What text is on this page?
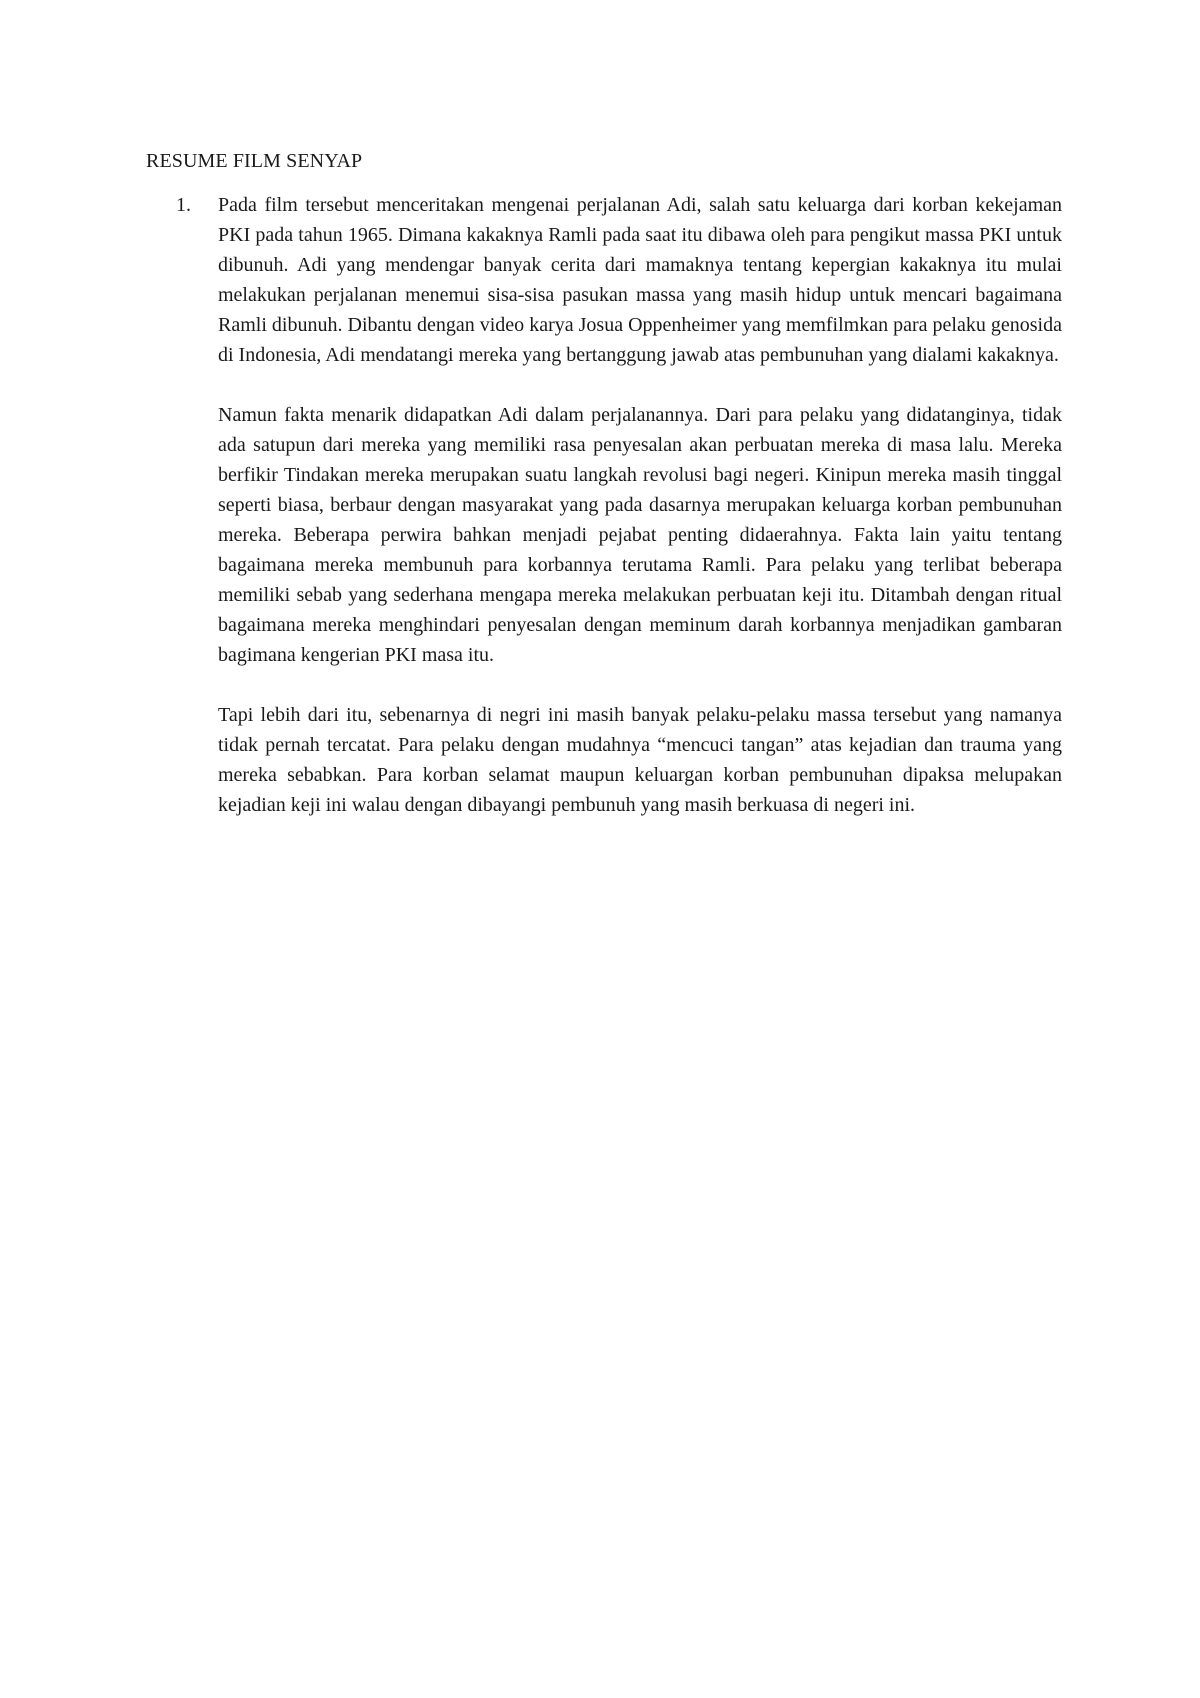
RESUME FILM SENYAP
1. Pada film tersebut menceritakan mengenai perjalanan Adi, salah satu keluarga dari korban kekejaman PKI pada tahun 1965. Dimana kakaknya Ramli pada saat itu dibawa oleh para pengikut massa PKI untuk dibunuh. Adi yang mendengar banyak cerita dari mamaknya tentang kepergian kakaknya itu mulai melakukan perjalanan menemui sisa-sisa pasukan massa yang masih hidup untuk mencari bagaimana Ramli dibunuh. Dibantu dengan video karya Josua Oppenheimer yang memfilmkan para pelaku genosida di Indonesia, Adi mendatangi mereka yang bertanggung jawab atas pembunuhan yang dialami kakaknya.

Namun fakta menarik didapatkan Adi dalam perjalanannya. Dari para pelaku yang didatanginya, tidak ada satupun dari mereka yang memiliki rasa penyesalan akan perbuatan mereka di masa lalu. Mereka berfikir Tindakan mereka merupakan suatu langkah revolusi bagi negeri. Kinipun mereka masih tinggal seperti biasa, berbaur dengan masyarakat yang pada dasarnya merupakan keluarga korban pembunuhan mereka. Beberapa perwira bahkan menjadi pejabat penting didaerahnya. Fakta lain yaitu tentang bagaimana mereka membunuh para korbannya terutama Ramli. Para pelaku yang terlibat beberapa memiliki sebab yang sederhana mengapa mereka melakukan perbuatan keji itu. Ditambah dengan ritual bagaimana mereka menghindari penyesalan dengan meminum darah korbannya menjadikan gambaran bagimana kengerian PKI masa itu.

Tapi lebih dari itu, sebenarnya di negri ini masih banyak pelaku-pelaku massa tersebut yang namanya tidak pernah tercatat. Para pelaku dengan mudahnya “mencuci tangan” atas kejadian dan trauma yang mereka sebabkan. Para korban selamat maupun keluargan korban pembunuhan dipaksa melupakan kejadian keji ini walau dengan dibayangi pembunuh yang masih berkuasa di negeri ini.
